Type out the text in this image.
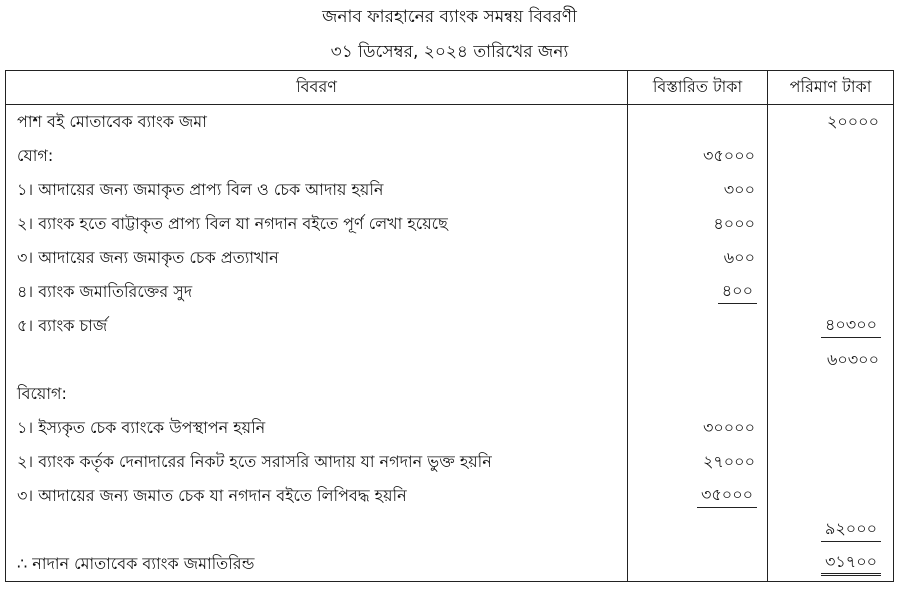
জনাব ফারহানের ব্যাংক সমন্বয় বিবরণী
৩১ ডিসেম্বর, ২০২৪ তারিখের জন্য
বিবরণ	বিস্তারিত টাকা	পরিমাণ টাকা
পাশ বই মোতাবেক ব্যাংক জমা		২০০০০
যোগ:	৩৫০০০	
১। আদায়ের জন্য জমাকৃত প্রাপ্য বিল ও চেক আদায় হয়নি	৩০০	
২। ব্যাংক হতে বাট্টাকৃত প্রাপ্য বিল যা নগদান বইতে পূর্ণ লেখা হয়েছে	৪০০০	
৩। আদায়ের জন্য জমাকৃত চেক প্রত্যাখান	৬০০	
৪। ব্যাংক জমাতিরিক্তের সুদ	৪০০	
৫। ব্যাংক চার্জ		৪০৩০০
		৬০৩০০
বিয়োগ:		
১। ইস্যকৃত চেক ব্যাংকে উপস্থাপন হয়নি	৩০০০০	
২। ব্যাংক কর্তৃক দেনাদারের নিকট হতে সরাসরি আদায় যা নগদান ভুক্ত হয়নি	২৭০০০	
৩। আদায়ের জন্য জমাত চেক যা নগদান বইতে লিপিবদ্ধ হয়নি	৩৫০০০	
		৯২০০০
∴ নাদান মোতাবেক ব্যাংক জমাতিরিন্ড		৩১৭০০
